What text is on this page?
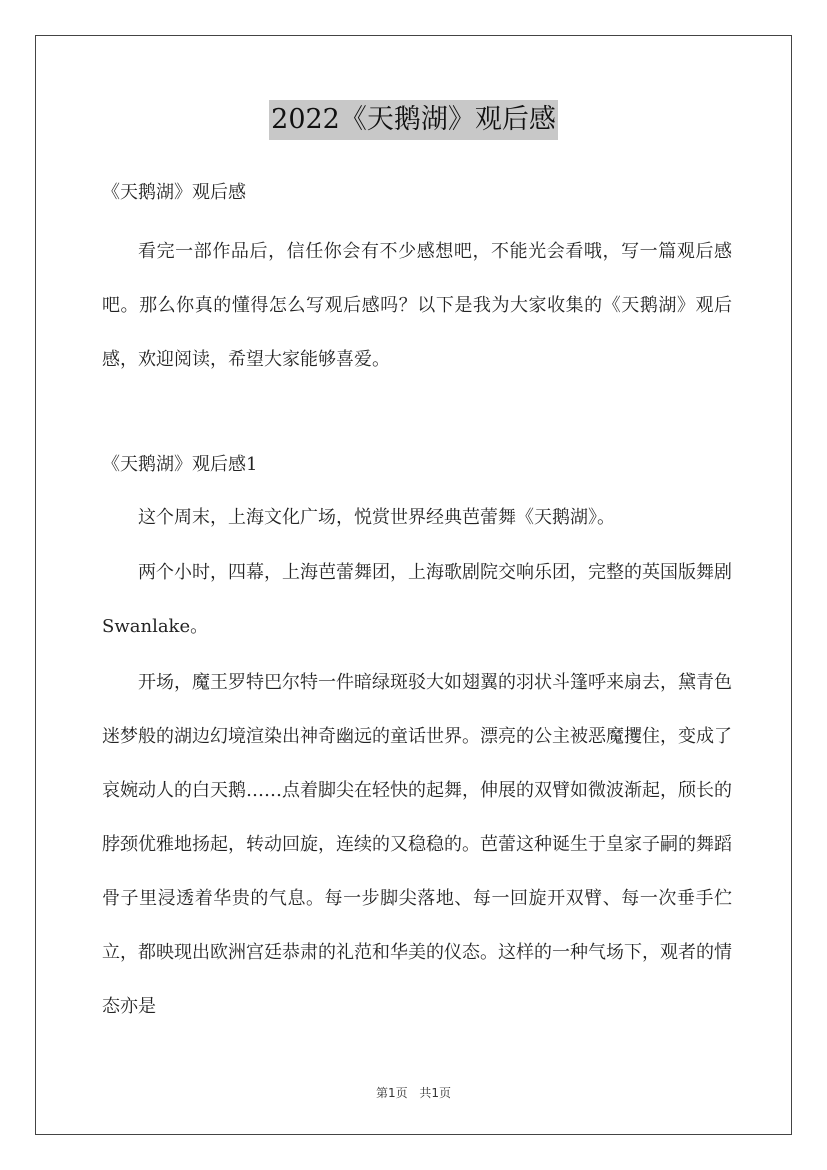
2022《天鹅湖》观后感

《天鹅湖》观后感

看完一部作品后，信任你会有不少感想吧，不能光会看哦，写一篇观后感吧。那么你真的懂得怎么写观后感吗？以下是我为大家收集的《天鹅湖》观后感，欢迎阅读，希望大家能够喜爱。

《天鹅湖》观后感1

这个周末，上海文化广场，悦赏世界经典芭蕾舞《天鹅湖》。

两个小时，四幕，上海芭蕾舞团，上海歌剧院交响乐团，完整的英国版舞剧Swanlake。

开场，魔王罗特巴尔特一件暗绿斑驳大如翅翼的羽状斗篷呼来扇去，黛青色迷梦般的湖边幻境渲染出神奇幽远的童话世界。漂亮的公主被恶魔攫住，变成了哀婉动人的白天鹅……点着脚尖在轻快的起舞，伸展的双臂如微波渐起，颀长的脖颈优雅地扬起，转动回旋，连续的又稳稳的。芭蕾这种诞生于皇家子嗣的舞蹈骨子里浸透着华贵的气息。每一步脚尖落地、每一回旋开双臂、每一次垂手伫立，都映现出欧洲宫廷恭肃的礼范和华美的仪态。这样的一种气场下，观者的情态亦是

第1页 共1页
